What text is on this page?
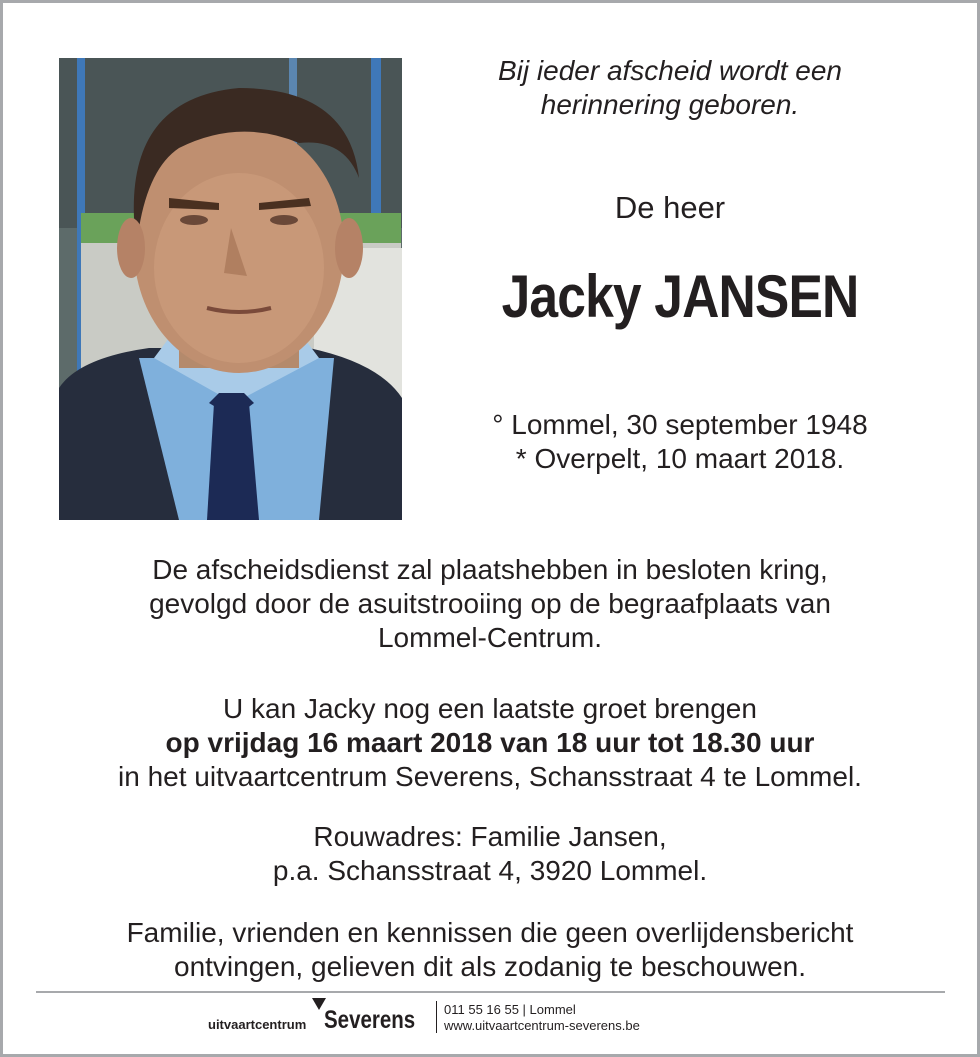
Bij ieder afscheid wordt een
herinnering geboren.
De heer
Jacky JANSEN
° Lommel, 30 september 1948
* Overpelt, 10 maart 2018.
De afscheidsdienst zal plaatshebben in besloten kring,
gevolgd door de asuitstrooiing op de begraafplaats van
Lommel-Centrum.
U kan Jacky nog een laatste groet brengen
op vrijdag 16 maart 2018 van 18 uur tot 18.30 uur
in het uitvaartcentrum Severens, Schansstraat 4 te Lommel.
Rouwadres: Familie Jansen,
p.a. Schansstraat 4, 3920 Lommel.
Familie, vrienden en kennissen die geen overlijdensbericht
ontvingen, gelieven dit als zodanig te beschouwen.
uitvaartcentrum Severens 011 55 16 55 | Lommel
www.uitvaartcentrum-severens.be
